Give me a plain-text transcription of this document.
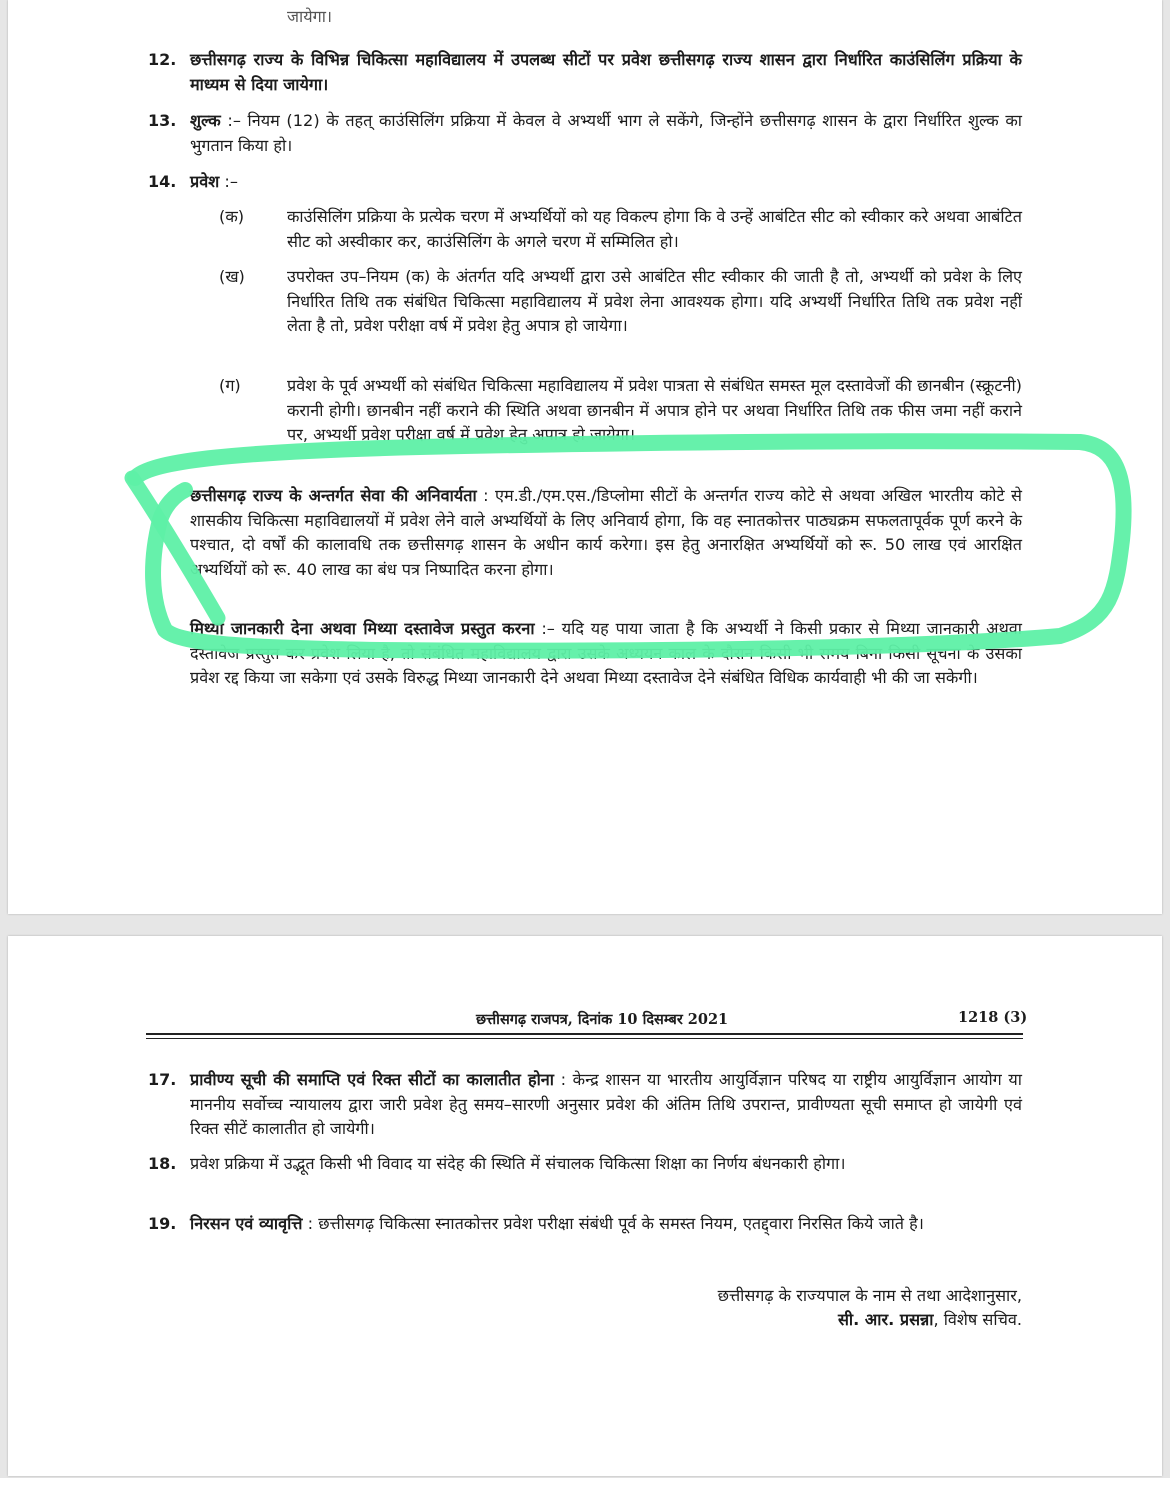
जायेगा।
12. छत्तीसगढ़ राज्य के विभिन्न चिकित्सा महाविद्यालय में उपलब्ध सीटों पर प्रवेश छत्तीसगढ़ राज्य शासन द्वारा निर्धारित काउंसिलिंग प्रक्रिया के माध्यम से दिया जायेगा।
13. शुल्क :– नियम (12) के तहत् काउंसिलिंग प्रक्रिया में केवल वे अभ्यर्थी भाग ले सकेंगे, जिन्होंने छत्तीसगढ़ शासन के द्वारा निर्धारित शुल्क का भुगतान किया हो।
14. प्रवेश :–
(क)	काउंसिलिंग प्रक्रिया के प्रत्येक चरण में अभ्यर्थियों को यह विकल्प होगा कि वे उन्हें आबंटित सीट को स्वीकार करे अथवा आबंटित सीट को अस्वीकार कर, काउंसिलिंग के अगले चरण में सम्मिलित हो।
(ख)	उपरोक्त उप–नियम (क) के अंतर्गत यदि अभ्यर्थी द्वारा उसे आबंटित सीट स्वीकार की जाती है तो, अभ्यर्थी को प्रवेश के लिए निर्धारित तिथि तक संबंधित चिकित्सा महाविद्यालय में प्रवेश लेना आवश्यक होगा। यदि अभ्यर्थी निर्धारित तिथि तक प्रवेश नहीं लेता है तो, प्रवेश परीक्षा वर्ष में प्रवेश हेतु अपात्र हो जायेगा।
(ग)	प्रवेश के पूर्व अभ्यर्थी को संबंधित चिकित्सा महाविद्यालय में प्रवेश पात्रता से संबंधित समस्त मूल दस्तावेजों की छानबीन (स्क्रूटनी) करानी होगी। छानबीन नहीं कराने की स्थिति अथवा छानबीन में अपात्र होने पर अथवा निर्धारित तिथि तक फीस जमा नहीं कराने पर, अभ्यर्थी प्रवेश परीक्षा वर्ष में प्रवेश हेतु अपात्र हो जायेगा।
छत्तीसगढ़ राज्य के अन्तर्गत सेवा की अनिवार्यता : एम.डी./एम.एस./डिप्लोमा सीटों के अन्तर्गत राज्य कोटे से अथवा अखिल भारतीय कोटे से शासकीय चिकित्सा महाविद्यालयों में प्रवेश लेने वाले अभ्यर्थियों के लिए अनिवार्य होगा, कि वह स्नातकोत्तर पाठ्यक्रम सफलतापूर्वक पूर्ण करने के पश्चात, दो वर्षों की कालावधि तक छत्तीसगढ़ शासन के अधीन कार्य करेगा। इस हेतु अनारक्षित अभ्यर्थियों को रू. 50 लाख एवं आरक्षित अभ्यर्थियों को रू. 40 लाख का बंध पत्र निष्पादित करना होगा।
मिथ्या जानकारी देना अथवा मिथ्या दस्तावेज प्रस्तुत करना :– यदि यह पाया जाता है कि अभ्यर्थी ने किसी प्रकार से मिथ्या जानकारी अथवा दस्तावेज प्रस्तुत कर प्रवेश लिया है, तो संबंधित महाविद्यालय द्वारा उसके अध्ययन काल के दौरान किसी भी समय बिना किसी सूचना के उसका प्रवेश रद्द किया जा सकेगा एवं उसके विरुद्ध मिथ्या जानकारी देने अथवा मिथ्या दस्तावेज देने संबंधित विधिक कार्यवाही भी की जा सकेगी।
छत्तीसगढ़ राजपत्र, दिनांक 10 दिसम्बर 2021	1218 (3)
17. प्रावीण्य सूची की समाप्ति एवं रिक्त सीटों का कालातीत होना : केन्द्र शासन या भारतीय आयुर्विज्ञान परिषद या राष्ट्रीय आयुर्विज्ञान आयोग या माननीय सर्वोच्च न्यायालय द्वारा जारी प्रवेश हेतु समय–सारणी अनुसार प्रवेश की अंतिम तिथि उपरान्त, प्रावीण्यता सूची समाप्त हो जायेगी एवं रिक्त सीटें कालातीत हो जायेगी।
18. प्रवेश प्रक्रिया में उद्भूत किसी भी विवाद या संदेह की स्थिति में संचालक चिकित्सा शिक्षा का निर्णय बंधनकारी होगा।
19. निरसन एवं व्यावृत्ति : छत्तीसगढ़ चिकित्सा स्नातकोत्तर प्रवेश परीक्षा संबंधी पूर्व के समस्त नियम, एतद्द्वारा निरसित किये जाते है।
छत्तीसगढ़ के राज्यपाल के नाम से तथा आदेशानुसार,
सी. आर. प्रसन्ना, विशेष सचिव.
